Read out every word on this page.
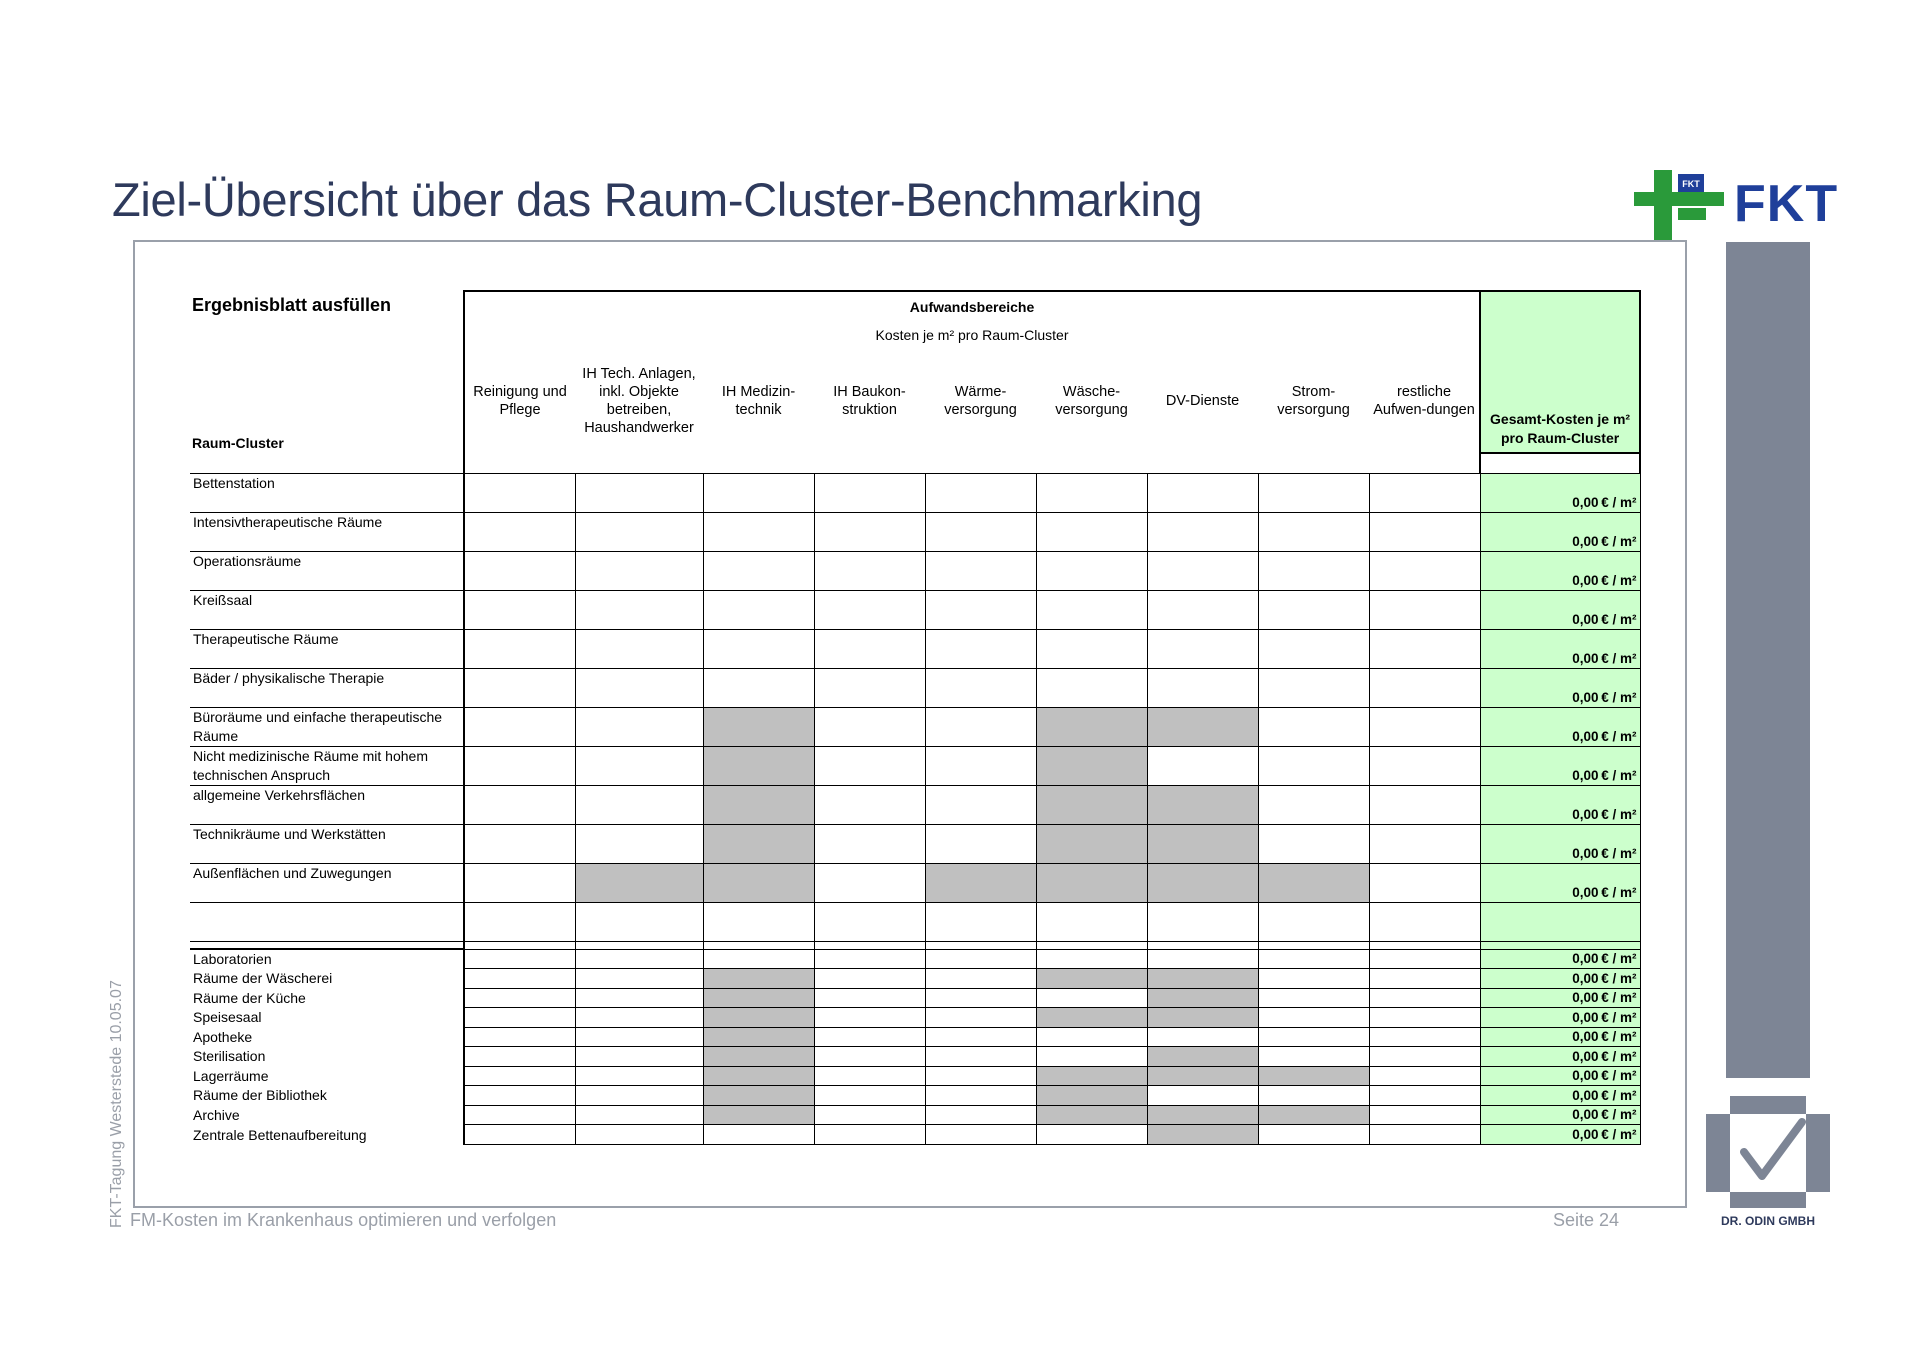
Ziel-Übersicht über das Raum-Cluster-Benchmarking	FKT FKT
DR. ODIN GMBH
FKT-Tagung Westerstede 10.05.07 FM-Kosten im Krankenhaus optimieren und verfolgen	Seite 24
Ergebnisblatt ausfüllen
Raum-Cluster	Aufwandsbereiche									Gesamt-Kosten je m² pro Raum-Cluster
	Kosten je m² pro Raum-Cluster									
	Reinigung und Pflege	IH Tech. Anlagen, inkl. Objekte betreiben, Haushandwerker	IH Medizin-technik	IH Baukon-struktion	Wärme-versorgung	Wäsche-versorgung	DV-Dienste	Strom-versorgung	restliche Aufwen-dungen	

Bettenstation										0,00 € / m²
Intensivtherapeutische Räume										0,00 € / m²
Operationsräume										0,00 € / m²
Kreißsaal										0,00 € / m²
Therapeutische Räume										0,00 € / m²
Bäder / physikalische Therapie										0,00 € / m²
Büroräume und einfache therapeutische Räume										0,00 € / m²
Nicht medizinische Räume mit hohem technischen Anspruch										0,00 € / m²
allgemeine Verkehrsflächen										0,00 € / m²
Technikräume und Werkstätten										0,00 € / m²
Außenflächen und Zuwegungen										0,00 € / m²

Laboratorien										0,00 € / m²
Räume der Wäscherei										0,00 € / m²
Räume der Küche										0,00 € / m²
Speisesaal										0,00 € / m²
Apotheke										0,00 € / m²
Sterilisation										0,00 € / m²
Lagerräume										0,00 € / m²
Räume der Bibliothek										0,00 € / m²
Archive										0,00 € / m²
Zentrale Bettenaufbereitung										0,00 € / m²
